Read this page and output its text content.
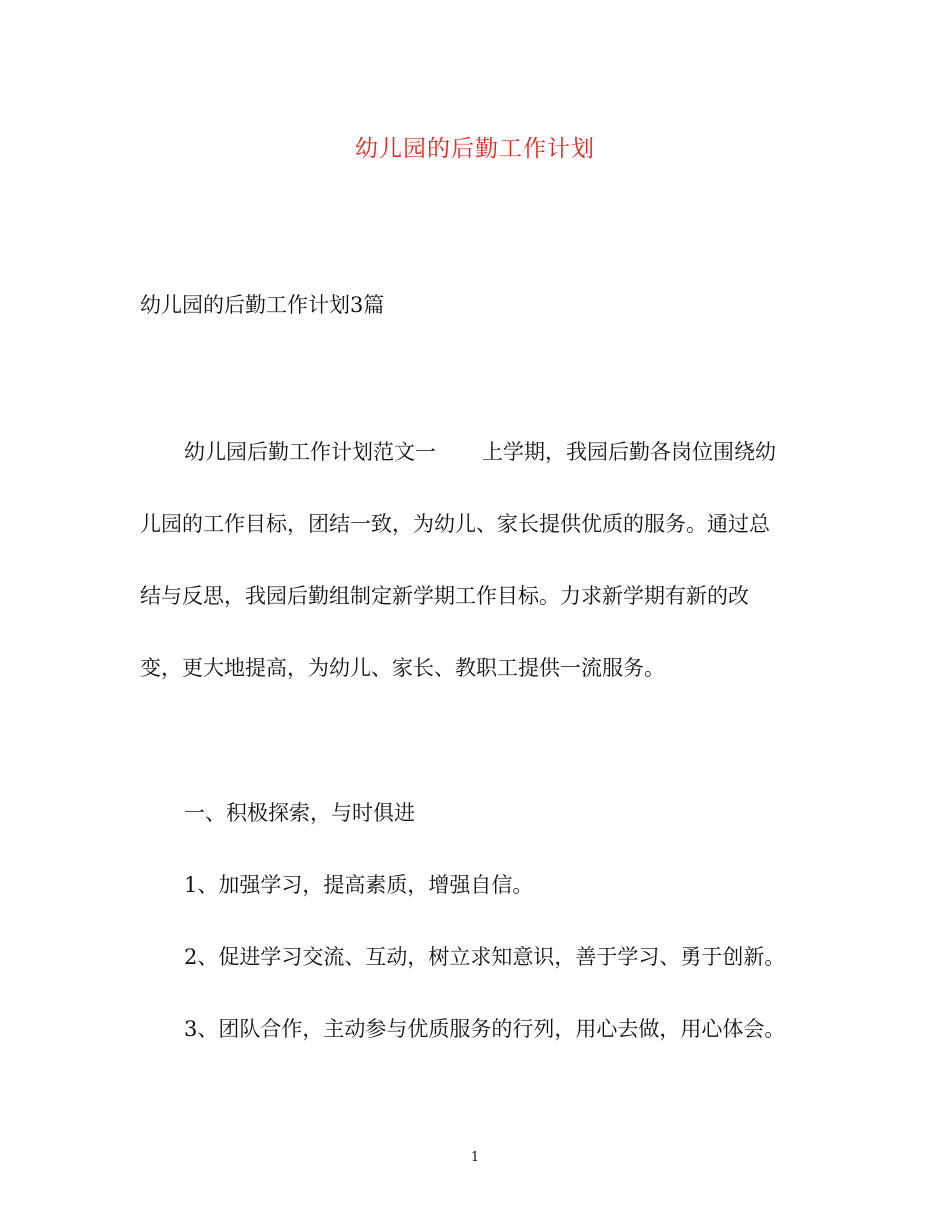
幼儿园的后勤工作计划
幼儿园的后勤工作计划3篇
幼儿园后勤工作计划范文一 上学期，我园后勤各岗位围绕幼
儿园的工作目标，团结一致，为幼儿、家长提供优质的服务。通过总
结与反思，我园后勤组制定新学期工作目标。力求新学期有新的改
变，更大地提高，为幼儿、家长、教职工提供一流服务。
一、积极探索，与时俱进
1、加强学习，提高素质，增强自信。
2、促进学习交流、互动，树立求知意识，善于学习、勇于创新。
3、团队合作，主动参与优质服务的行列，用心去做，用心体会。
1
